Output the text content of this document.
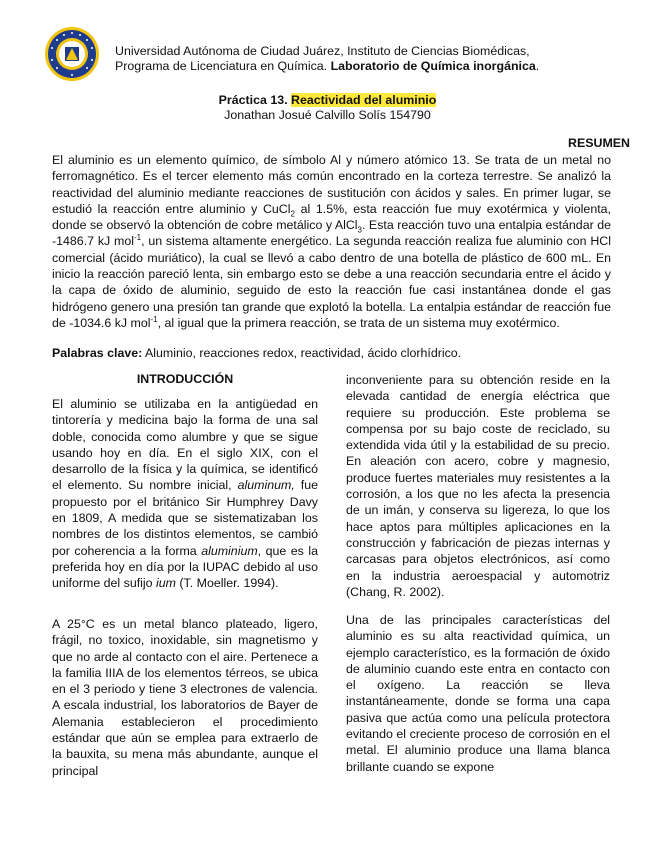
Universidad Autónoma de Ciudad Juárez, Instituto de Ciencias Biomédicas,
Programa de Licenciatura en Química. Laboratorio de Química inorgánica.
Práctica 13. Reactividad del aluminio
Jonathan Josué Calvillo Solís 154790
RESUMEN

El aluminio es un elemento químico, de símbolo Al y número atómico 13. Se trata de un metal no ferromagnético. Es el tercer elemento más común encontrado en la corteza terrestre. Se analizó la reactividad del aluminio mediante reacciones de sustitución con ácidos y sales. En primer lugar, se estudió la reacción entre aluminio y CuCl$_2$ al 1.5%, esta reacción fue muy exotérmica y violenta, donde se observó la obtención de cobre metálico y AlCl$_3$. Esta reacción tuvo una entalpia estándar de -1486.7 kJ mol$^{-1}$, un sistema altamente energético. La segunda reacción realiza fue aluminio con HCl comercial (ácido muriático), la cual se llevó a cabo dentro de una botella de plástico de 600 mL. En inicio la reacción pareció lenta, sin embargo esto se debe a una reacción secundaria entre el ácido y la capa de óxido de aluminio, seguido de esto la reacción fue casi instantánea donde el gas hidrógeno genero una presión tan grande que explotó la botella. La entalpia estándar de reacción fue de -1034.6 kJ mol$^{-1}$, al igual que la primera reacción, se trata de un sistema muy exotérmico.

Palabras clave: Aluminio, reacciones redox, reactividad, ácido clorhídrico.

INTRODUCCIÓN

El aluminio se utilizaba en la antigüedad en tintorería y medicina bajo la forma de una sal doble, conocida como alumbre y que se sigue usando hoy en día. En el siglo XIX, con el desarrollo de la física y la química, se identificó el elemento. Su nombre inicial, aluminum, fue propuesto por el británico Sir Humphrey Davy en 1809, A medida que se sistematizaban los nombres de los distintos elementos, se cambió por coherencia a la forma aluminium, que es la preferida hoy en día por la IUPAC debido al uso uniforme del sufijo ium (T. Moeller. 1994).

A 25°C es un metal blanco plateado, ligero, frágil, no toxico, inoxidable, sin magnetismo y que no arde al contacto con el aire. Pertenece a la familia IIIA de los elementos térreos, se ubica en el 3 periodo y tiene 3 electrones de valencia. A escala industrial, los laboratorios de Bayer de Alemania establecieron el procedimiento estándar que aún se emplea para extraerlo de la bauxita, su mena más abundante, aunque el principal

inconveniente para su obtención reside en la elevada cantidad de energía eléctrica que requiere su producción. Este problema se compensa por su bajo coste de reciclado, su extendida vida útil y la estabilidad de su precio. En aleación con acero, cobre y magnesio, produce fuertes materiales muy resistentes a la corrosión, a los que no les afecta la presencia de un imán, y conserva su ligereza, lo que los hace aptos para múltiples aplicaciones en la construcción y fabricación de piezas internas y carcasas para objetos electrónicos, así como en la industria aeroespacial y automotriz (Chang, R. 2002).

Una de las principales características del aluminio es su alta reactividad química, un ejemplo característico, es la formación de óxido de aluminio cuando este entra en contacto con el oxígeno. La reacción se lleva instantáneamente, donde se forma una capa pasiva que actúa como una película protectora evitando el creciente proceso de corrosión en el metal. El aluminio produce una llama blanca brillante cuando se expone
